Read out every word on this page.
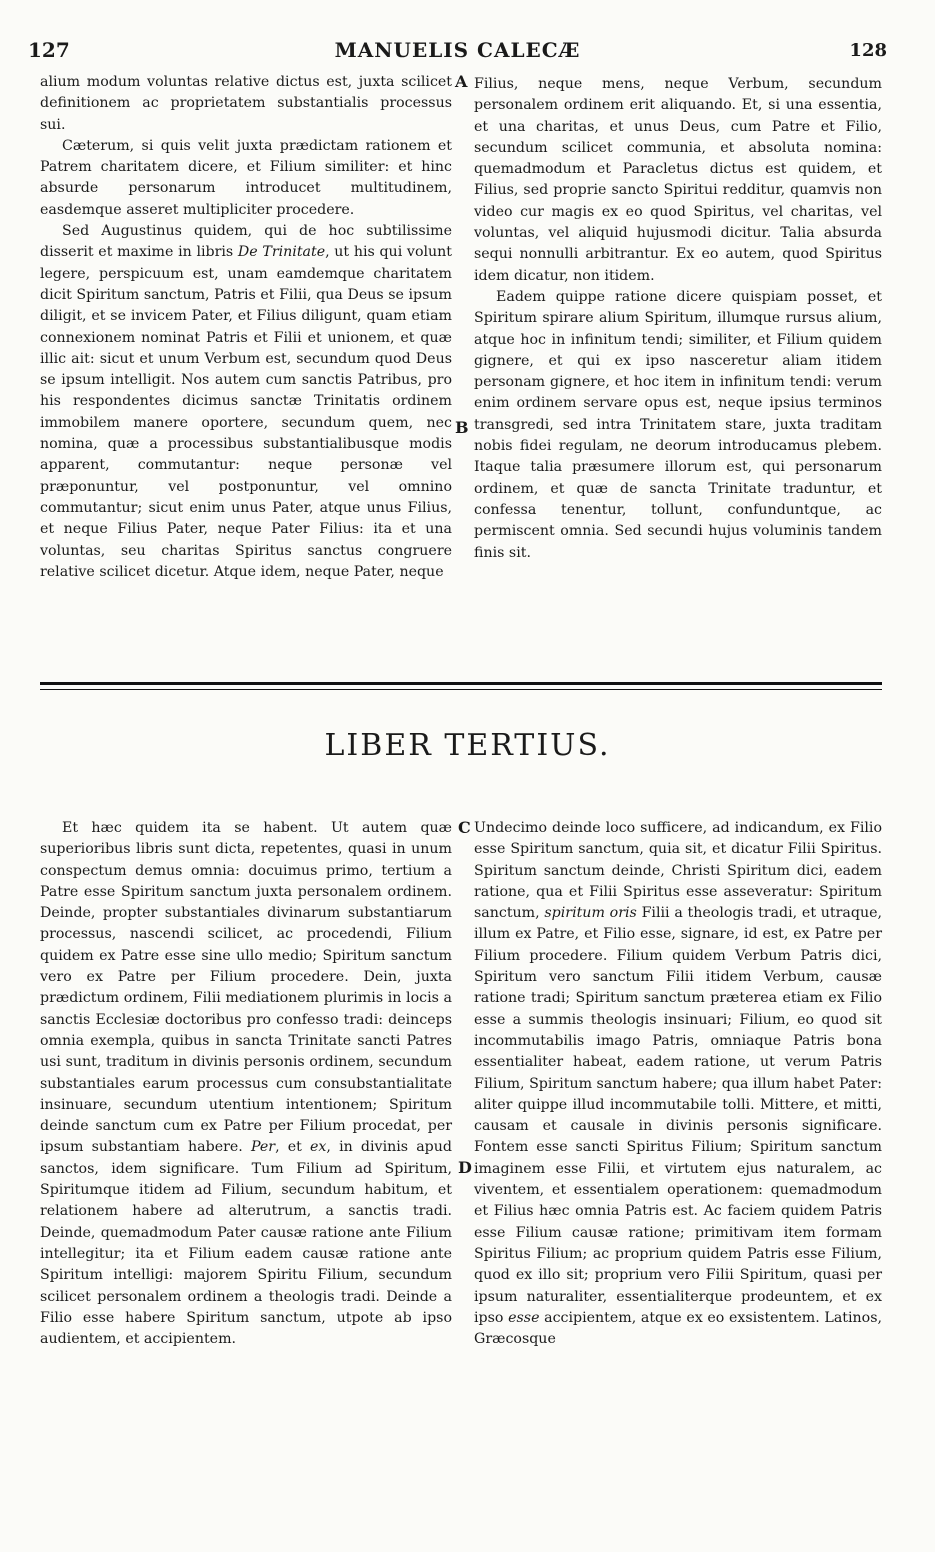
127	MANUELIS CALECÆ	128

alium modum voluntas relative dictus est, juxta scilicet definitionem ac proprietatem substantialis processus sui.

Cæterum, si quis velit juxta prædictam rationem et Patrem charitatem dicere, et Filium similiter: et hinc absurde personarum introducet multitudinem, easdemque asseret multipliciter procedere.

Sed Augustinus quidem, qui de hoc subtilissime disserit et maxime in libris De Trinitate, ut his qui volunt legere, perspicuum est, unam eamdemque charitatem dicit Spiritum sanctum, Patris et Filii, qua Deus se ipsum diligit, et se invicem Pater, et Filius diligunt, quam etiam connexionem nominat Patris et Filii et unionem, et quæ illic ait: sicut et unum Verbum est, secundum quod Deus se ipsum intelligit. Nos autem cum sanctis Patribus, pro his respondentes dicimus sanctæ Trinitatis ordinem immobilem manere oportere, secundum quem, nec nomina, quæ a processibus substantialibusque modis apparent, commutantur: neque personæ vel præponuntur, vel postponuntur, vel omnino commutantur; sicut enim unus Pater, atque unus Filius, et neque Filius Pater, neque Pater Filius: ita et una voluntas, seu charitas Spiritus sanctus congruere relative scilicet dicetur. Atque idem, neque Pater, neque

A
B

Filius, neque mens, neque Verbum, secundum personalem ordinem erit aliquando. Et, si una essentia, et una charitas, et unus Deus, cum Patre et Filio, secundum scilicet communia, et absoluta nomina: quemadmodum et Paracletus dictus est quidem, et Filius, sed proprie sancto Spiritui redditur, quamvis non video cur magis ex eo quod Spiritus, vel charitas, vel voluntas, vel aliquid hujusmodi dicitur. Talia absurda sequi nonnulli arbitrantur. Ex eo autem, quod Spiritus idem dicatur, non itidem.

Eadem quippe ratione dicere quispiam posset, et Spiritum spirare alium Spiritum, illumque rursus alium, atque hoc in infinitum tendi; similiter, et Filium quidem gignere, et qui ex ipso nasceretur aliam itidem personam gignere, et hoc item in infinitum tendi: verum enim ordinem servare opus est, neque ipsius terminos transgredi, sed intra Trinitatem stare, juxta traditam nobis fidei regulam, ne deorum introducamus plebem. Itaque talia præsumere illorum est, qui personarum ordinem, et quæ de sancta Trinitate traduntur, et confessa tenentur, tollunt, confunduntque, ac permiscent omnia. Sed secundi hujus voluminis tandem finis sit.

LIBER TERTIUS.

Et hæc quidem ita se habent. Ut autem quæ superioribus libris sunt dicta, repetentes, quasi in unum conspectum demus omnia: docuimus primo, tertium a Patre esse Spiritum sanctum juxta personalem ordinem. Deinde, propter substantiales divinarum substantiarum processus, nascendi scilicet, ac procedendi, Filium quidem ex Patre esse sine ullo medio; Spiritum sanctum vero ex Patre per Filium procedere. Dein, juxta prædictum ordinem, Filii mediationem plurimis in locis a sanctis Ecclesiæ doctoribus pro confesso tradi: deinceps omnia exempla, quibus in sancta Trinitate sancti Patres usi sunt, traditum in divinis personis ordinem, secundum substantiales earum processus cum consubstantialitate insinuare, secundum utentium intentionem; Spiritum deinde sanctum cum ex Patre per Filium procedat, per ipsum substantiam habere. Per, et ex, in divinis apud sanctos, idem significare. Tum Filium ad Spiritum, Spiritumque itidem ad Filium, secundum habitum, et relationem habere ad alterutrum, a sanctis tradi. Deinde, quemadmodum Pater causæ ratione ante Filium intellegitur; ita et Filium eadem causæ ratione ante Spiritum intelligi: majorem Spiritu Filium, secundum scilicet personalem ordinem a theologis tradi. Deinde a Filio esse habere Spiritum sanctum, utpote ab ipso audientem, et accipientem.

C
D

Undecimo deinde loco sufficere, ad indicandum, ex Filio esse Spiritum sanctum, quia sit, et dicatur Filii Spiritus. Spiritum sanctum deinde, Christi Spiritum dici, eadem ratione, qua et Filii Spiritus esse asseveratur: Spiritum sanctum, spiritum oris Filii a theologis tradi, et utraque, illum ex Patre, et Filio esse, signare, id est, ex Patre per Filium procedere. Filium quidem Verbum Patris dici, Spiritum vero sanctum Filii itidem Verbum, causæ ratione tradi; Spiritum sanctum præterea etiam ex Filio esse a summis theologis insinuari; Filium, eo quod sit incommutabilis imago Patris, omniaque Patris bona essentialiter habeat, eadem ratione, ut verum Patris Filium, Spiritum sanctum habere; qua illum habet Pater: aliter quippe illud incommutabile tolli. Mittere, et mitti, causam et causale in divinis personis significare. Fontem esse sancti Spiritus Filium; Spiritum sanctum imaginem esse Filii, et virtutem ejus naturalem, ac viventem, et essentialem operationem: quemadmodum et Filius hæc omnia Patris est. Ac faciem quidem Patris esse Filium causæ ratione; primitivam item formam Spiritus Filium; ac proprium quidem Patris esse Filium, quod ex illo sit; proprium vero Filii Spiritum, quasi per ipsum naturaliter, essentialiterque prodeuntem, et ex ipso esse accipientem, atque ex eo exsistentem. Latinos, Græcosque
